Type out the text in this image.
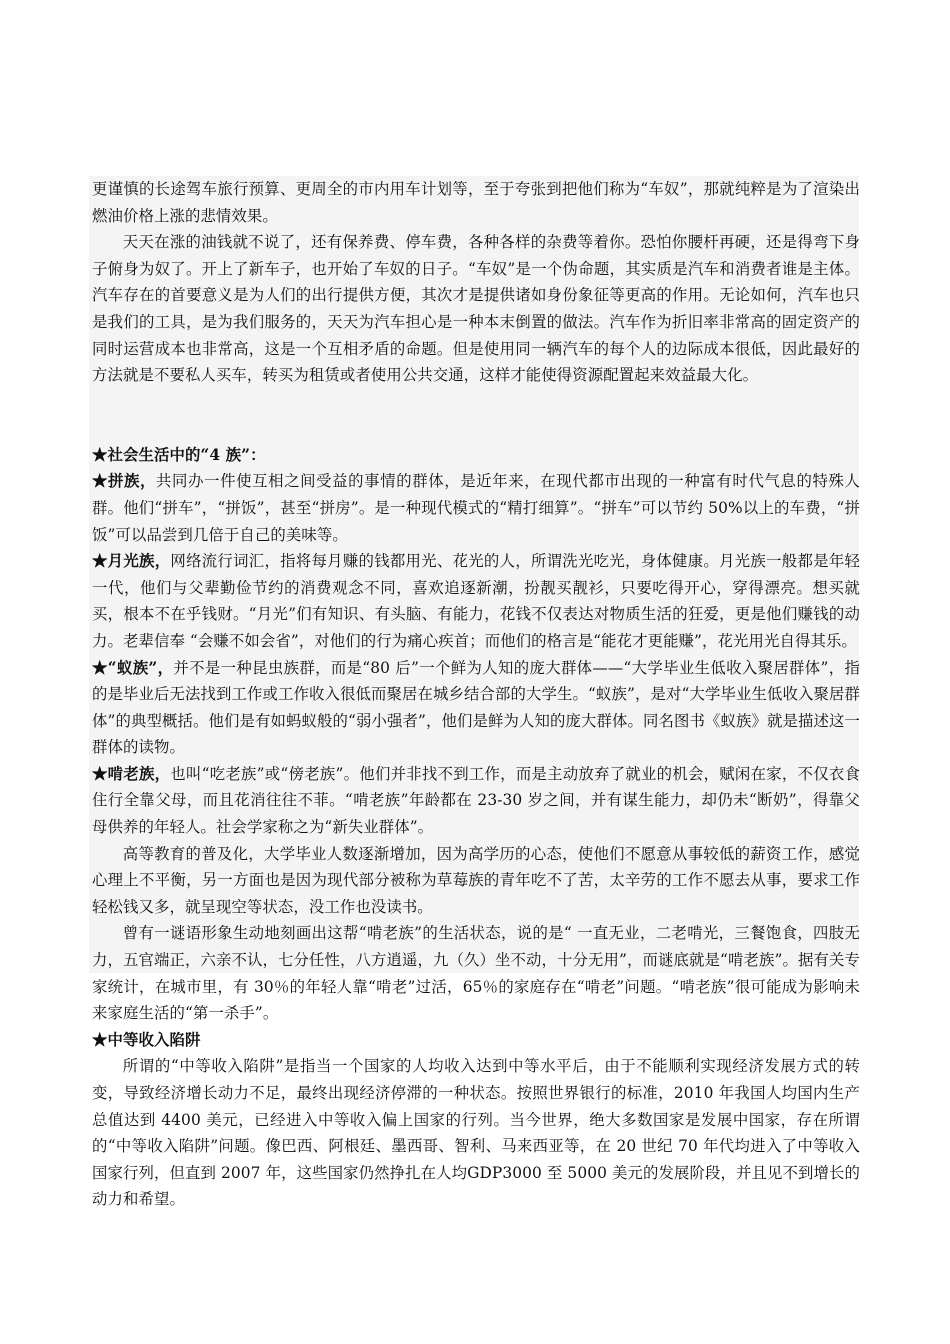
更谨慎的长途驾车旅行预算、更周全的市内用车计划等，至于夸张到把他们称为“车奴”，那就纯粹是为了渲染出燃油价格上涨的悲情效果。

天天在涨的油钱就不说了，还有保养费、停车费，各种各样的杂费等着你。恐怕你腰杆再硬，还是得弯下身子俯身为奴了。开上了新车子，也开始了车奴的日子。“车奴”是一个伪命题，其实质是汽车和消费者谁是主体。汽车存在的首要意义是为人们的出行提供方便，其次才是提供诸如身份象征等更高的作用。无论如何，汽车也只是我们的工具，是为我们服务的，天天为汽车担心是一种本末倒置的做法。汽车作为折旧率非常高的固定资产的同时运营成本也非常高，这是一个互相矛盾的命题。但是使用同一辆汽车的每个人的边际成本很低，因此最好的方法就是不要私人买车，转买为租赁或者使用公共交通，这样才能使得资源配置起来效益最大化。

★社会生活中的“4 族”：

★拼族，共同办一件使互相之间受益的事情的群体，是近年来，在现代都市出现的一种富有时代气息的特殊人群。他们“拼车”，“拼饭”，甚至“拼房”。是一种现代模式的“精打细算”。“拼车”可以节约 50%以上的车费，“拼饭”可以品尝到几倍于自己的美味等。

★月光族，网络流行词汇，指将每月赚的钱都用光、花光的人，所谓洗光吃光，身体健康。月光族一般都是年轻一代，他们与父辈勤俭节约的消费观念不同，喜欢追逐新潮，扮靓买靓衫，只要吃得开心，穿得漂亮。想买就买，根本不在乎钱财。“月光”们有知识、有头脑、有能力，花钱不仅表达对物质生活的狂爱，更是他们赚钱的动力。老辈信奉 “会赚不如会省”，对他们的行为痛心疾首；而他们的格言是“能花才更能赚”，花光用光自得其乐。

★“蚁族”，并不是一种昆虫族群，而是“80 后”一个鲜为人知的庞大群体——“大学毕业生低收入聚居群体”，指的是毕业后无法找到工作或工作收入很低而聚居在城乡结合部的大学生。“蚁族”，是对“大学毕业生低收入聚居群体”的典型概括。他们是有如蚂蚁般的“弱小强者”，他们是鲜为人知的庞大群体。同名图书《蚁族》就是描述这一群体的读物。

★啃老族，也叫“吃老族”或“傍老族”。他们并非找不到工作，而是主动放弃了就业的机会，赋闲在家，不仅衣食住行全靠父母，而且花消往往不菲。“啃老族”年龄都在 23-30 岁之间，并有谋生能力，却仍未“断奶”，得靠父母供养的年轻人。社会学家称之为“新失业群体”。

高等教育的普及化，大学毕业人数逐渐增加，因为高学历的心态，使他们不愿意从事较低的薪资工作，感觉心理上不平衡，另一方面也是因为现代部分被称为草莓族的青年吃不了苦，太辛劳的工作不愿去从事，要求工作轻松钱又多，就呈现空等状态，没工作也没读书。

曾有一谜语形象生动地刻画出这帮“啃老族”的生活状态，说的是“ 一直无业，二老啃光，三餐饱食，四肢无力，五官端正，六亲不认，七分任性，八方逍遥，九（久）坐不动，十分无用”，而谜底就是“啃老族”。据有关专家统计，在城市里，有 30％的年轻人靠“啃老”过活，65％的家庭存在“啃老”问题。“啃老族”很可能成为影响未来家庭生活的“第一杀手”。

★中等收入陷阱

所谓的“中等收入陷阱”是指当一个国家的人均收入达到中等水平后，由于不能顺利实现经济发展方式的转变，导致经济增长动力不足，最终出现经济停滞的一种状态。按照世界银行的标准，2010 年我国人均国内生产总值达到 4400 美元，已经进入中等收入偏上国家的行列。当今世界，绝大多数国家是发展中国家，存在所谓的“中等收入陷阱”问题。像巴西、阿根廷、墨西哥、智利、马来西亚等，在 20 世纪 70 年代均进入了中等收入国家行列，但直到 2007 年，这些国家仍然挣扎在人均GDP3000 至 5000 美元的发展阶段，并且见不到增长的动力和希望。
